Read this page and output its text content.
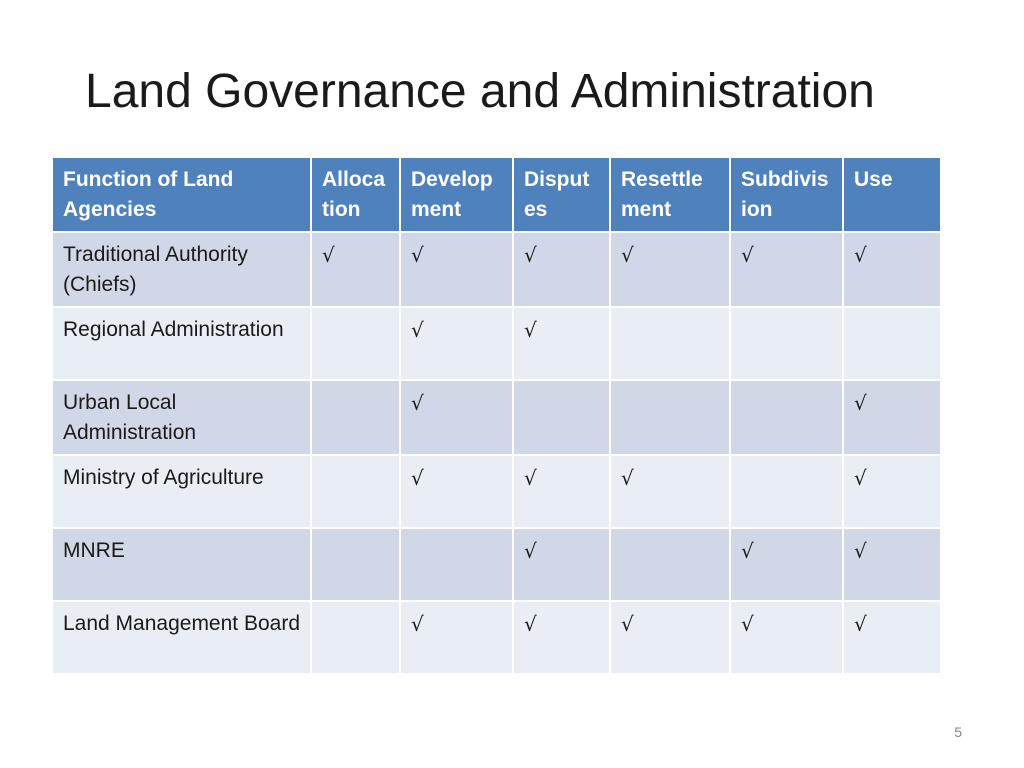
Land Governance and Administration
Function of Land Agencies	Alloca tion	Develop ment	Disput es	Resettle ment	Subdivis ion	Use
Traditional Authority (Chiefs)	√	√	√	√	√	√
Regional Administration		√	√			
Urban Local Administration		√				√
Ministry of Agriculture		√	√	√		√
MNRE			√		√	√
Land Management Board		√	√	√	√	√
5
